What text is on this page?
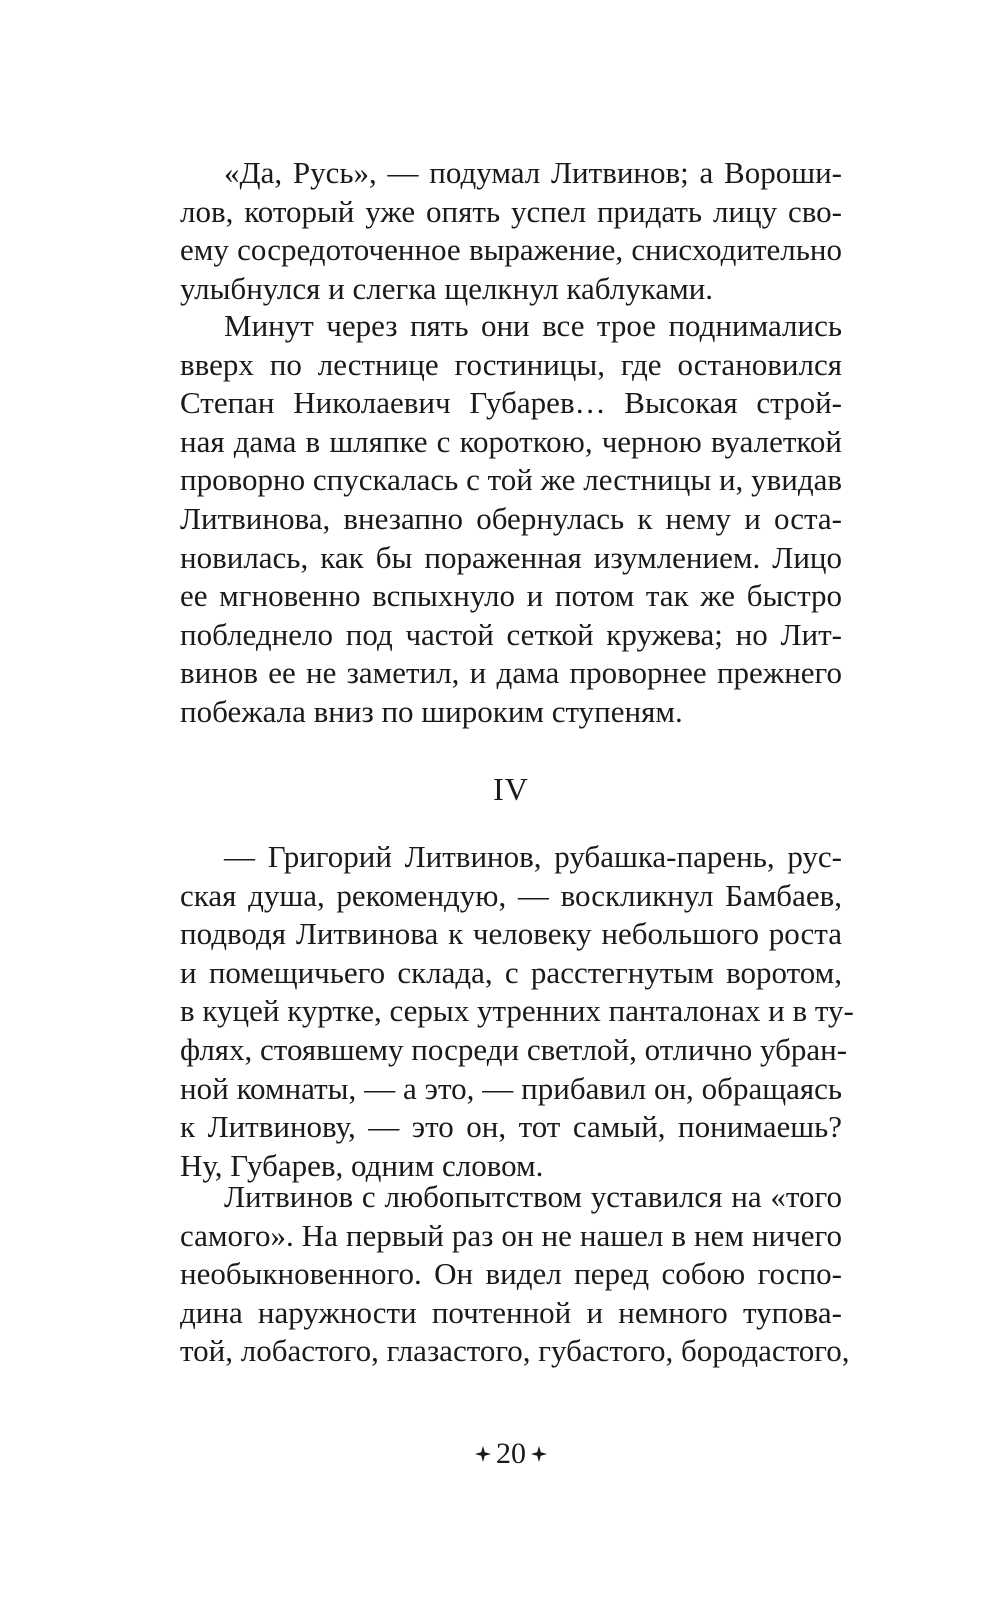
«Да, Русь», — подумал Литвинов; а Вороши-
лов, который уже опять успел придать лицу сво-
ему сосредоточенное выражение, снисходительно
улыбнулся и слегка щелкнул каблуками.
Минут через пять они все трое поднимались
вверх по лестнице гостиницы, где остановился
Степан Николаевич Губарев… Высокая строй-
ная дама в шляпке с короткою, черною вуалеткой
проворно спускалась с той же лестницы и, увидав
Литвинова, внезапно обернулась к нему и оста-
новилась, как бы пораженная изумлением. Лицо
ее мгновенно вспыхнуло и потом так же быстро
побледнело под частой сеткой кружева; но Лит-
винов ее не заметил, и дама проворнее прежнего
побежала вниз по широким ступеням.
IV
— Григорий Литвинов, рубашка-парень, рус-
ская душа, рекомендую, — воскликнул Бамбаев,
подводя Литвинова к человеку небольшого роста
и помещичьего склада, с расстегнутым воротом,
в куцей куртке, серых утренних панталонах и в ту-
флях, стоявшему посреди светлой, отлично убран-
ной комнаты, — а это, — прибавил он, обращаясь
к Литвинову, — это он, тот самый, понимаешь?
Ну, Губарев, одним словом.
Литвинов с любопытством уставился на «того
самого». На первый раз он не нашел в нем ничего
необыкновенного. Он видел перед собою госпо-
дина наружности почтенной и немного тупова-
той, лобастого, глазастого, губастого, бородастого,
20
